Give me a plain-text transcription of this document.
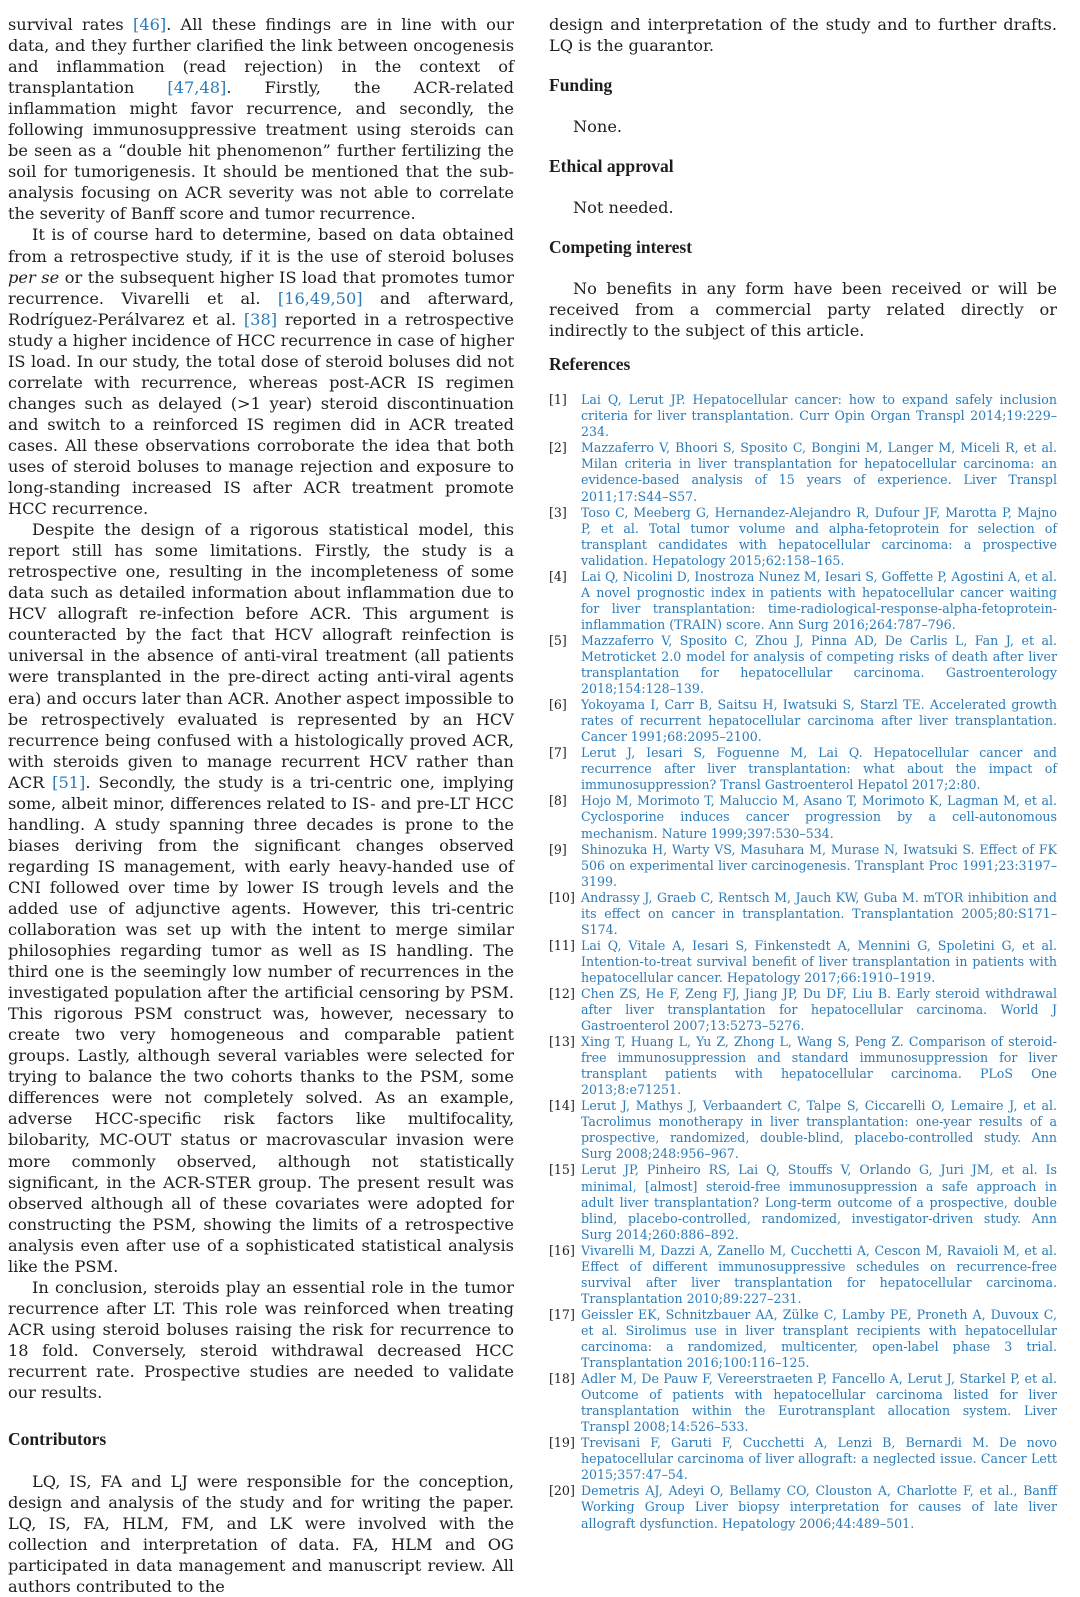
survival rates [46]. All these findings are in line with our data, and they further clarified the link between oncogenesis and inflammation (read rejection) in the context of transplantation [47,48]. Firstly, the ACR-related inflammation might favor recurrence, and secondly, the following immunosuppressive treatment using steroids can be seen as a “double hit phenomenon” further fertilizing the soil for tumorigenesis. It should be mentioned that the sub-analysis focusing on ACR severity was not able to correlate the severity of Banff score and tumor recurrence.

It is of course hard to determine, based on data obtained from a retrospective study, if it is the use of steroid boluses per se or the subsequent higher IS load that promotes tumor recurrence. Vivarelli et al. [16,49,50] and afterward, Rodríguez-Perálvarez et al. [38] reported in a retrospective study a higher incidence of HCC recurrence in case of higher IS load. In our study, the total dose of steroid boluses did not correlate with recurrence, whereas post-ACR IS regimen changes such as delayed (>1 year) steroid discontinuation and switch to a reinforced IS regimen did in ACR treated cases. All these observations corroborate the idea that both uses of steroid boluses to manage rejection and exposure to long-standing increased IS after ACR treatment promote HCC recurrence.

Despite the design of a rigorous statistical model, this report still has some limitations. Firstly, the study is a retrospective one, resulting in the incompleteness of some data such as detailed information about inflammation due to HCV allograft re-infection before ACR. This argument is counteracted by the fact that HCV allograft reinfection is universal in the absence of anti-viral treatment (all patients were transplanted in the pre-direct acting anti-viral agents era) and occurs later than ACR. Another aspect impossible to be retrospectively evaluated is represented by an HCV recurrence being confused with a histologically proved ACR, with steroids given to manage recurrent HCV rather than ACR [51]. Secondly, the study is a tri-centric one, implying some, albeit minor, differences related to IS- and pre-LT HCC handling. A study spanning three decades is prone to the biases deriving from the significant changes observed regarding IS management, with early heavy-handed use of CNI followed over time by lower IS trough levels and the added use of adjunctive agents. However, this tri-centric collaboration was set up with the intent to merge similar philosophies regarding tumor as well as IS handling. The third one is the seemingly low number of recurrences in the investigated population after the artificial censoring by PSM. This rigorous PSM construct was, however, necessary to create two very homogeneous and comparable patient groups. Lastly, although several variables were selected for trying to balance the two cohorts thanks to the PSM, some differences were not completely solved. As an example, adverse HCC-specific risk factors like multifocality, bilobarity, MC-OUT status or macrovascular invasion were more commonly observed, although not statistically significant, in the ACR-STER group. The present result was observed although all of these covariates were adopted for constructing the PSM, showing the limits of a retrospective analysis even after use of a sophisticated statistical analysis like the PSM.

In conclusion, steroids play an essential role in the tumor recurrence after LT. This role was reinforced when treating ACR using steroid boluses raising the risk for recurrence to 18 fold. Conversely, steroid withdrawal decreased HCC recurrent rate. Prospective studies are needed to validate our results.

Contributors

LQ, IS, FA and LJ were responsible for the conception, design and analysis of the study and for writing the paper. LQ, IS, FA, HLM, FM, and LK were involved with the collection and interpretation of data. FA, HLM and OG participated in data management and manuscript review. All authors contributed to the

design and interpretation of the study and to further drafts. LQ is the guarantor.

Funding

None.

Ethical approval

Not needed.

Competing interest

No benefits in any form have been received or will be received from a commercial party related directly or indirectly to the subject of this article.

References
[1]	Lai Q, Lerut JP. Hepatocellular cancer: how to expand safely inclusion criteria for liver transplantation. Curr Opin Organ Transpl 2014;19:229–234.
[2]	Mazzaferro V, Bhoori S, Sposito C, Bongini M, Langer M, Miceli R, et al. Milan criteria in liver transplantation for hepatocellular carcinoma: an evidence-based analysis of 15 years of experience. Liver Transpl 2011;17:S44–S57.
[3]	Toso C, Meeberg G, Hernandez-Alejandro R, Dufour JF, Marotta P, Majno P, et al. Total tumor volume and alpha-fetoprotein for selection of transplant candidates with hepatocellular carcinoma: a prospective validation. Hepatology 2015;62:158–165.
[4]	Lai Q, Nicolini D, Inostroza Nunez M, Iesari S, Goffette P, Agostini A, et al. A novel prognostic index in patients with hepatocellular cancer waiting for liver transplantation: time-radiological-response-alpha-fetoprotein-inflammation (TRAIN) score. Ann Surg 2016;264:787–796.
[5]	Mazzaferro V, Sposito C, Zhou J, Pinna AD, De Carlis L, Fan J, et al. Metroticket 2.0 model for analysis of competing risks of death after liver transplantation for hepatocellular carcinoma. Gastroenterology 2018;154:128–139.
[6]	Yokoyama I, Carr B, Saitsu H, Iwatsuki S, Starzl TE. Accelerated growth rates of recurrent hepatocellular carcinoma after liver transplantation. Cancer 1991;68:2095–2100.
[7]	Lerut J, Iesari S, Foguenne M, Lai Q. Hepatocellular cancer and recurrence after liver transplantation: what about the impact of immunosuppression? Transl Gastroenterol Hepatol 2017;2:80.
[8]	Hojo M, Morimoto T, Maluccio M, Asano T, Morimoto K, Lagman M, et al. Cyclosporine induces cancer progression by a cell-autonomous mechanism. Nature 1999;397:530–534.
[9]	Shinozuka H, Warty VS, Masuhara M, Murase N, Iwatsuki S. Effect of FK 506 on experimental liver carcinogenesis. Transplant Proc 1991;23:3197–3199.
[10] Andrassy J, Graeb C, Rentsch M, Jauch KW, Guba M. mTOR inhibition and its effect on cancer in transplantation. Transplantation 2005;80:S171–S174.
[11] Lai Q, Vitale A, Iesari S, Finkenstedt A, Mennini G, Spoletini G, et al. Intention-to-treat survival benefit of liver transplantation in patients with hepatocellular cancer. Hepatology 2017;66:1910–1919.
[12] Chen ZS, He F, Zeng FJ, Jiang JP, Du DF, Liu B. Early steroid withdrawal after liver transplantation for hepatocellular carcinoma. World J Gastroenterol 2007;13:5273–5276.
[13] Xing T, Huang L, Yu Z, Zhong L, Wang S, Peng Z. Comparison of steroid-free immunosuppression and standard immunosuppression for liver transplant patients with hepatocellular carcinoma. PLoS One 2013;8:e71251.
[14] Lerut J, Mathys J, Verbaandert C, Talpe S, Ciccarelli O, Lemaire J, et al. Tacrolimus monotherapy in liver transplantation: one-year results of a prospective, randomized, double-blind, placebo-controlled study. Ann Surg 2008;248:956–967.
[15] Lerut JP, Pinheiro RS, Lai Q, Stouffs V, Orlando G, Juri JM, et al. Is minimal, [almost] steroid-free immunosuppression a safe approach in adult liver transplantation? Long-term outcome of a prospective, double blind, placebo-controlled, randomized, investigator-driven study. Ann Surg 2014;260:886–892.
[16] Vivarelli M, Dazzi A, Zanello M, Cucchetti A, Cescon M, Ravaioli M, et al. Effect of different immunosuppressive schedules on recurrence-free survival after liver transplantation for hepatocellular carcinoma. Transplantation 2010;89:227–231.
[17] Geissler EK, Schnitzbauer AA, Zülke C, Lamby PE, Proneth A, Duvoux C, et al. Sirolimus use in liver transplant recipients with hepatocellular carcinoma: a randomized, multicenter, open-label phase 3 trial. Transplantation 2016;100:116–125.
[18] Adler M, De Pauw F, Vereerstraeten P, Fancello A, Lerut J, Starkel P, et al. Outcome of patients with hepatocellular carcinoma listed for liver transplantation within the Eurotransplant allocation system. Liver Transpl 2008;14:526–533.
[19] Trevisani F, Garuti F, Cucchetti A, Lenzi B, Bernardi M. De novo hepatocellular carcinoma of liver allograft: a neglected issue. Cancer Lett 2015;357:47–54.
[20] Demetris AJ, Adeyi O, Bellamy CO, Clouston A, Charlotte F, et al., Banff Working Group Liver biopsy interpretation for causes of late liver allograft dysfunction. Hepatology 2006;44:489–501.
